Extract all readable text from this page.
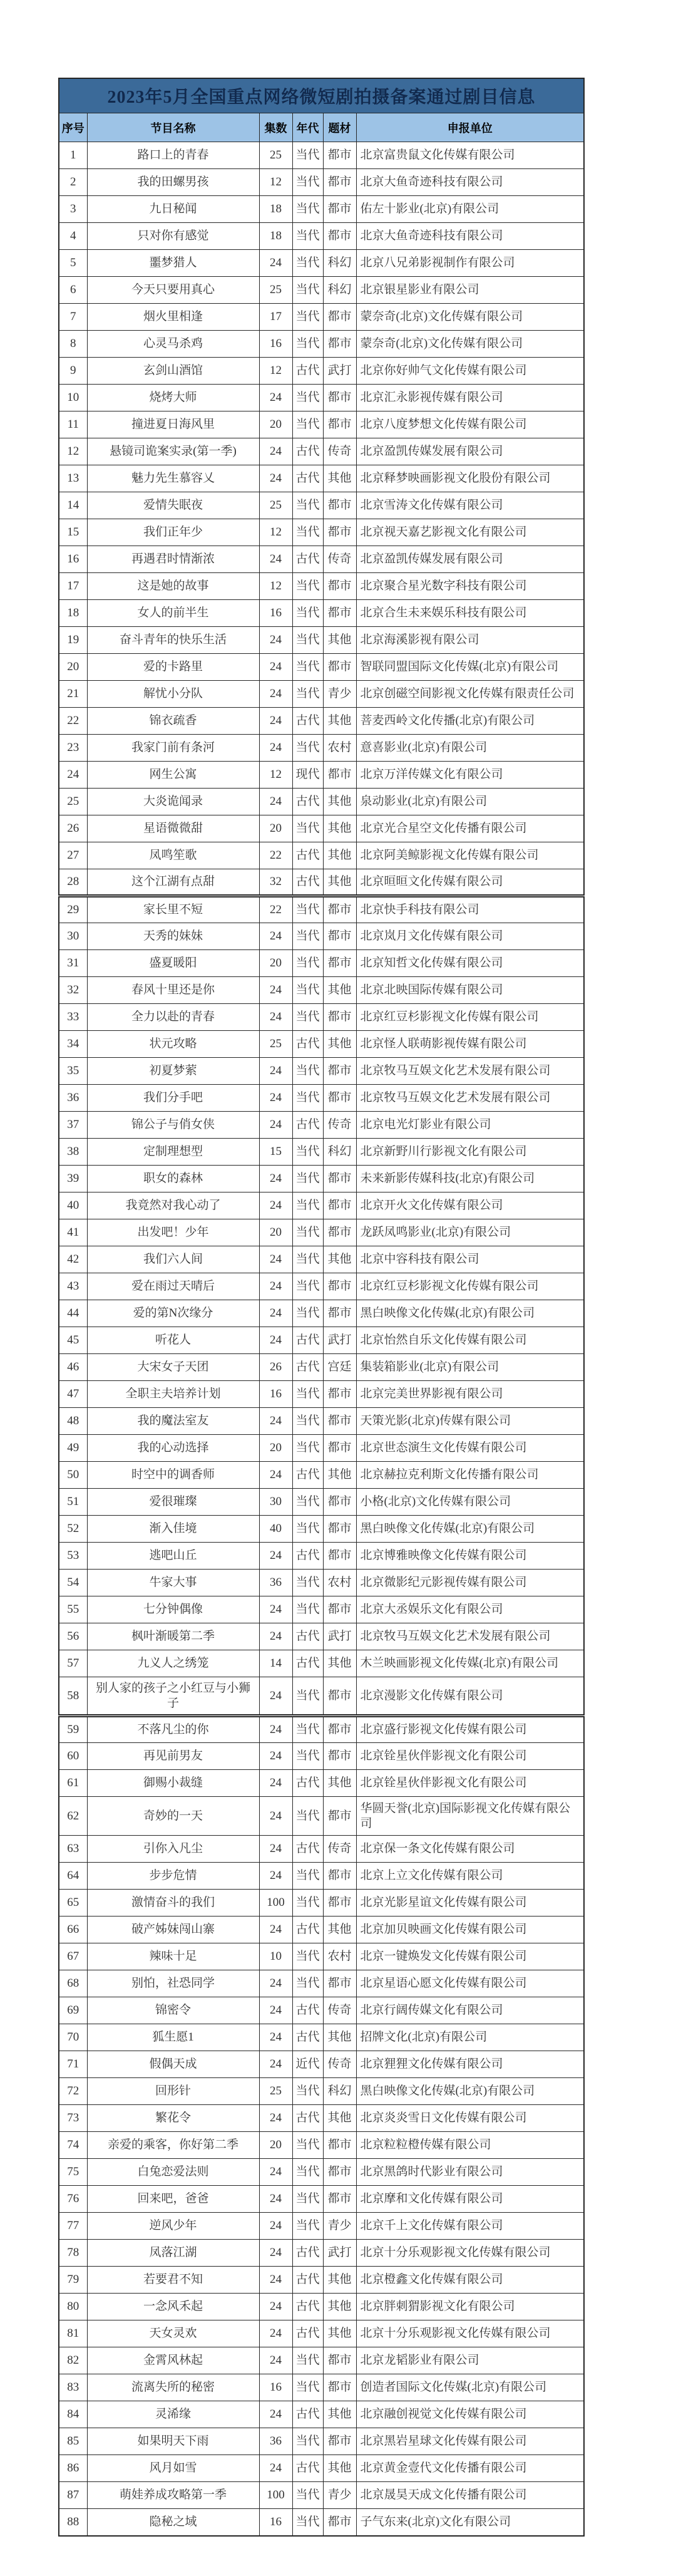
2023年5月全国重点网络微短剧拍摄备案通过剧目信息					
序号	节目名称	集数	年代	题材	申报单位
1	路口上的青春	25	当代	都市	北京富贵鼠文化传媒有限公司
2	我的田螺男孩	12	当代	都市	北京大鱼奇迹科技有限公司
3	九日秘闻	18	当代	都市	佑左十影业(北京)有限公司
4	只对你有感觉	18	当代	都市	北京大鱼奇迹科技有限公司
5	噩梦猎人	24	当代	科幻	北京八兄弟影视制作有限公司
6	今天只要用真心	25	当代	科幻	北京银星影业有限公司
7	烟火里相逢	17	当代	都市	蒙奈奇(北京)文化传媒有限公司
8	心灵马杀鸡	16	当代	都市	蒙奈奇(北京)文化传媒有限公司
9	玄剑山酒馆	12	古代	武打	北京你好帅气文化传媒有限公司
10	烧烤大师	24	当代	都市	北京汇永影视传媒有限公司
11	撞进夏日海风里	20	当代	都市	北京八度梦想文化传媒有限公司
12	悬镜司诡案实录(第一季)	24	古代	传奇	北京盈凯传媒发展有限公司
13	魅力先生慕容乂	24	古代	其他	北京释梦映画影视文化股份有限公司
14	爱情失眠夜	25	当代	都市	北京雪涛文化传媒有限公司
15	我们正年少	12	当代	都市	北京视天嘉艺影视文化有限公司
16	再遇君时情渐浓	24	古代	传奇	北京盈凯传媒发展有限公司
17	这是她的故事	12	当代	都市	北京聚合星光数字科技有限公司
18	女人的前半生	16	当代	都市	北京合生未来娱乐科技有限公司
19	奋斗青年的快乐生活	24	当代	其他	北京海溪影视有限公司
20	爱的卡路里	24	当代	都市	智联同盟国际文化传媒(北京)有限公司
21	解忧小分队	24	当代	青少	北京创磁空间影视文化传媒有限责任公司
22	锦衣疏香	24	古代	其他	菩麦西岭文化传播(北京)有限公司
23	我家门前有条河	24	当代	农村	意喜影业(北京)有限公司
24	网生公寓	12	现代	都市	北京万洋传媒文化有限公司
25	大炎诡闻录	24	古代	其他	泉动影业(北京)有限公司
26	星语微微甜	20	当代	其他	北京光合星空文化传播有限公司
27	凤鸣笙歌	22	古代	其他	北京阿美鲸影视文化传媒有限公司
28	这个江湖有点甜	32	古代	其他	北京晅晅文化传媒有限公司
29	家长里不短	22	当代	都市	北京快手科技有限公司
30	天秀的妹妹	24	当代	都市	北京岚月文化传媒有限公司
31	盛夏暖阳	20	当代	都市	北京知哲文化传媒有限公司
32	春风十里还是你	24	当代	其他	北京北映国际传媒有限公司
33	全力以赴的青春	24	当代	都市	北京红豆杉影视文化传媒有限公司
34	状元攻略	25	古代	其他	北京怪人联萌影视传媒有限公司
35	初夏梦萦	24	当代	都市	北京牧马互娱文化艺术发展有限公司
36	我们分手吧	24	当代	都市	北京牧马互娱文化艺术发展有限公司
37	锦公子与俏女侠	24	古代	传奇	北京电光灯影业有限公司
38	定制理想型	15	当代	科幻	北京新野川行影视文化有限公司
39	职女的森林	24	当代	都市	未来新影传媒科技(北京)有限公司
40	我竟然对我心动了	24	当代	都市	北京开火文化传媒有限公司
41	出发吧！少年	20	当代	都市	龙跃凤鸣影业(北京)有限公司
42	我们六人间	24	当代	其他	北京中容科技有限公司
43	爱在雨过天晴后	24	当代	都市	北京红豆杉影视文化传媒有限公司
44	爱的第N次缘分	24	当代	都市	黑白映像文化传媒(北京)有限公司
45	听花人	24	古代	武打	北京怡然自乐文化传媒有限公司
46	大宋女子天团	26	古代	宫廷	集装箱影业(北京)有限公司
47	全职主夫培养计划	16	当代	都市	北京完美世界影视有限公司
48	我的魔法室友	24	当代	都市	天策光影(北京)传媒有限公司
49	我的心动选择	20	当代	都市	北京世态演生文化传媒有限公司
50	时空中的调香师	24	古代	其他	北京赫拉克利斯文化传播有限公司
51	爱很璀璨	30	当代	都市	小格(北京)文化传媒有限公司
52	渐入佳境	40	当代	都市	黑白映像文化传媒(北京)有限公司
53	逃吧山丘	24	古代	都市	北京博雅映像文化传媒有限公司
54	牛家大事	36	当代	农村	北京微影纪元影视传媒有限公司
55	七分钟偶像	24	当代	都市	北京大丞娱乐文化有限公司
56	枫叶渐暖第二季	24	古代	武打	北京牧马互娱文化艺术发展有限公司
57	九义人之绣笼	14	古代	其他	木兰映画影视文化传媒(北京)有限公司
58	别人家的孩子之小红豆与小狮子	24	当代	都市	北京漫影文化传媒有限公司
59	不落凡尘的你	24	当代	都市	北京盛行影视文化传媒有限公司
60	再见前男友	24	当代	都市	北京铨星伙伴影视文化有限公司
61	御赐小裁缝	24	古代	其他	北京铨星伙伴影视文化有限公司
62	奇妙的一天	24	当代	都市	华圆天誉(北京)国际影视文化传媒有限公司
63	引你入凡尘	24	古代	传奇	北京保一条文化传媒有限公司
64	步步危情	24	当代	都市	北京上立文化传媒有限公司
65	激情奋斗的我们	100	当代	都市	北京光影星谊文化传媒有限公司
66	破产姊妹闯山寨	24	古代	其他	北京加贝映画文化传媒有限公司
67	辣味十足	10	当代	农村	北京一键焕发文化传媒有限公司
68	别怕，社恐同学	24	当代	都市	北京星语心愿文化传媒有限公司
69	锦密令	24	古代	传奇	北京行阔传媒文化有限公司
70	狐生愿1	24	古代	其他	招牌文化(北京)有限公司
71	假偶天成	24	近代	传奇	北京狸狸文化传媒有限公司
72	回形针	25	当代	科幻	黑白映像文化传媒(北京)有限公司
73	繁花令	24	古代	其他	北京炎炎雪日文化传媒有限公司
74	亲爱的乘客，你好第二季	20	当代	都市	北京粒粒橙传媒有限公司
75	白兔恋爱法则	24	当代	都市	北京黑鸽时代影业有限公司
76	回来吧，爸爸	24	当代	都市	北京摩和文化传媒有限公司
77	逆风少年	24	当代	青少	北京千上文化传媒有限公司
78	凤落江湖	24	古代	武打	北京十分乐观影视文化传媒有限公司
79	若要君不知	24	古代	其他	北京橙鑫文化传媒有限公司
80	一念风禾起	24	古代	其他	北京胖刺猬影视文化有限公司
81	天女灵欢	24	古代	其他	北京十分乐观影视文化传媒有限公司
82	金霄风林起	24	当代	都市	北京龙韬影业有限公司
83	流离失所的秘密	16	当代	都市	创造者国际文化传媒(北京)有限公司
84	灵浠缘	24	古代	其他	北京融创视觉文化传媒有限公司
85	如果明天下雨	36	当代	都市	北京黑岩星球文化传媒有限公司
86	风月如雪	24	古代	其他	北京黄金壹代文化传播有限公司
87	萌娃养成攻略第一季	100	当代	青少	北京晟昊天成文化传播有限公司
88	隐秘之域	16	当代	都市	子气东来(北京)文化有限公司
